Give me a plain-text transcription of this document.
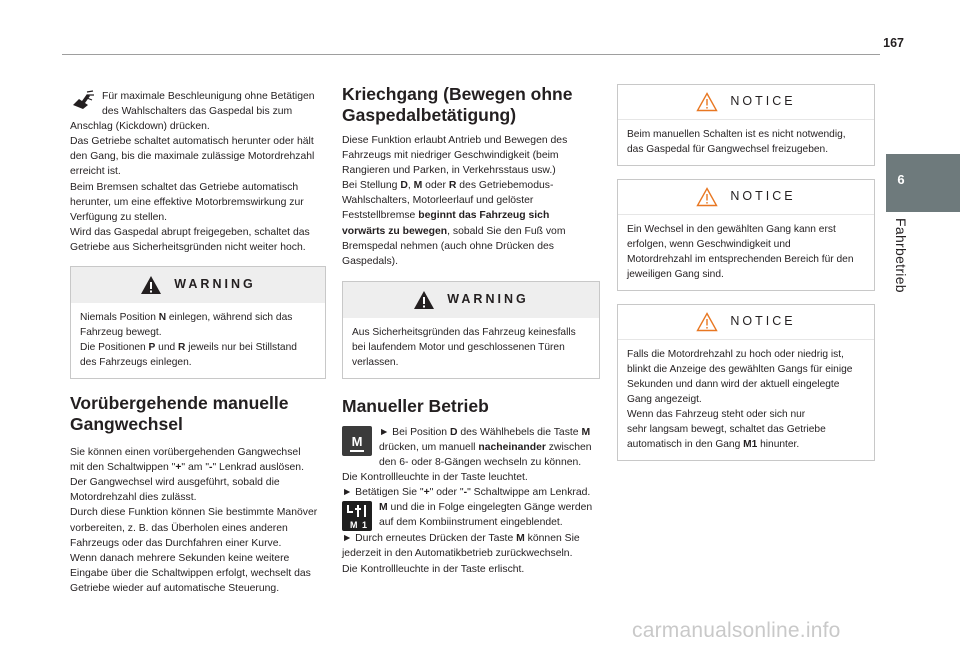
167
6
Fahrbetrieb

Für maximale Beschleunigung ohne Betätigen

des Wahlschalters das Gaspedal bis zum

Anschlag (Kickdown) drücken.

Das Getriebe schaltet automatisch herunter oder hält

den Gang, bis die maximale zulässige Motordrehzahl

erreicht ist.

Beim Bremsen schaltet das Getriebe automatisch

herunter, um eine effektive Motorbremswirkung zur

Verfügung zu stellen.

Wird das Gaspedal abrupt freigegeben, schaltet das

Getriebe aus Sicherheitsgründen nicht weiter hoch.

WARNING

Niemals Position N einlegen, während sich das

Fahrzeug bewegt.

Die Positionen P und R jeweils nur bei Stillstand

des Fahrzeugs einlegen.

Vorübergehende manuelle
Gangwechsel

Sie können einen vorübergehenden Gangwechsel

mit den Schaltwippen "+" am "-" Lenkrad auslösen.

Der Gangwechsel wird ausgeführt, sobald die
Motordrehzahl dies zulässt.
Durch diese Funktion können Sie bestimmte Manöver
vorbereiten, z. B. das Überholen eines anderen
Fahrzeugs oder das Durchfahren einer Kurve.
Wenn danach mehrere Sekunden keine weitere
Eingabe über die Schaltwippen erfolgt, wechselt das
Getriebe wieder auf automatische Steuerung.

Kriechgang (Bewegen ohne
Gaspedalbetätigung)

Diese Funktion erlaubt Antrieb und Bewegen des
Fahrzeugs mit niedriger Geschwindigkeit (beim
Rangieren und Parken, in Verkehrsstaus usw.)

Bei Stellung D, M oder R des Getriebemodus-

Wahlschalters, Motorleerlauf und gelöster

Feststellbremse beginnt das Fahrzeug sich

vorwärts zu bewegen, sobald Sie den Fuß vom

Bremspedal nehmen (auch ohne Drücken des
Gaspedals).

WARNING
Aus Sicherheitsgründen das Fahrzeug keinesfalls
bei laufendem Motor und geschlossenen Türen
verlassen.
Manueller Betrieb
M

► Bei Position D des Wählhebels die Taste M

drücken, um manuell nacheinander zwischen

den 6- oder 8-Gängen wechseln zu können.
Die Kontrollleuchte in der Taste leuchtet.

► Betätigen Sie "+" oder "-" Schaltwippe am Lenkrad.

M 1

M und die in Folge eingelegten Gänge werden

auf dem Kombiinstrument eingeblendet.

► Durch erneutes Drücken der Taste M können Sie

jederzeit in den Automatikbetrieb zurückwechseln.
Die Kontrollleuchte in der Taste erlischt.

NOTICE
Beim manuellen Schalten ist es nicht notwendig,
das Gaspedal für Gangwechsel freizugeben.
NOTICE
Ein Wechsel in den gewählten Gang kann erst
erfolgen, wenn Geschwindigkeit und
Motordrehzahl im entsprechenden Bereich für den
jeweiligen Gang sind.
NOTICE

Falls die Motordrehzahl zu hoch oder niedrig ist,
blinkt die Anzeige des gewählten Gangs für einige
Sekunden und dann wird der aktuell eingelegte
Gang angezeigt.
Wenn das Fahrzeug steht oder sich nur
sehr langsam bewegt, schaltet das Getriebe

automatisch in den Gang M1 hinunter.

carmanualsonline.info
